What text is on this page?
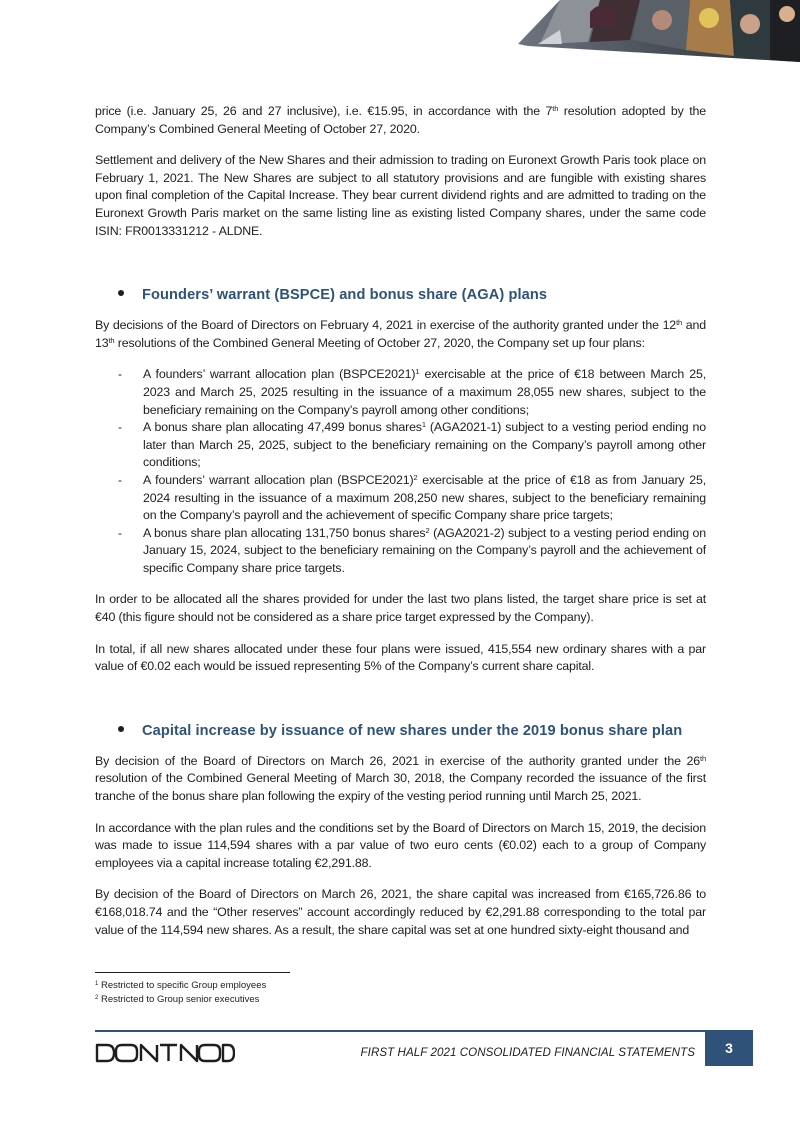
price (i.e. January 25, 26 and 27 inclusive), i.e. €15.95, in accordance with the 7th resolution adopted by the Company’s Combined General Meeting of October 27, 2020.

Settlement and delivery of the New Shares and their admission to trading on Euronext Growth Paris took place on February 1, 2021. The New Shares are subject to all statutory provisions and are fungible with existing shares upon final completion of the Capital Increase. They bear current dividend rights and are admitted to trading on the Euronext Growth Paris market on the same listing line as existing listed Company shares, under the same code ISIN: FR0013331212 - ALDNE.

Founders’ warrant (BSPCE) and bonus share (AGA) plans

By decisions of the Board of Directors on February 4, 2021 in exercise of the authority granted under the 12th and 13th resolutions of the Combined General Meeting of October 27, 2020, the Company set up four plans:

- A founders’ warrant allocation plan (BSPCE2021)$^1$ exercisable at the price of €18 between March 25, 2023 and March 25, 2025 resulting in the issuance of a maximum 28,055 new shares, subject to the beneficiary remaining on the Company’s payroll among other conditions;

- A bonus share plan allocating 47,499 bonus shares$^1$ (AGA2021-1) subject to a vesting period ending no later than March 25, 2025, subject to the beneficiary remaining on the Company’s payroll among other conditions;

- A founders’ warrant allocation plan (BSPCE2021)$^2$ exercisable at the price of €18 as from January 25, 2024 resulting in the issuance of a maximum 208,250 new shares, subject to the beneficiary remaining on the Company’s payroll and the achievement of specific Company share price targets;

- A bonus share plan allocating 131,750 bonus shares$^2$ (AGA2021-2) subject to a vesting period ending on January 15, 2024, subject to the beneficiary remaining on the Company’s payroll and the achievement of specific Company share price targets.

In order to be allocated all the shares provided for under the last two plans listed, the target share price is set at €40 (this figure should not be considered as a share price target expressed by the Company).

In total, if all new shares allocated under these four plans were issued, 415,554 new ordinary shares with a par value of €0.02 each would be issued representing 5% of the Company’s current share capital.

Capital increase by issuance of new shares under the 2019 bonus share plan

By decision of the Board of Directors on March 26, 2021 in exercise of the authority granted under the 26th resolution of the Combined General Meeting of March 30, 2018, the Company recorded the issuance of the first tranche of the bonus share plan following the expiry of the vesting period running until March 25, 2021.

In accordance with the plan rules and the conditions set by the Board of Directors on March 15, 2019, the decision was made to issue 114,594 shares with a par value of two euro cents (€0.02) each to a group of Company employees via a capital increase totaling €2,291.88.

By decision of the Board of Directors on March 26, 2021, the share capital was increased from €165,726.86 to €168,018.74 and the “Other reserves” account accordingly reduced by €2,291.88 corresponding to the total par value of the 114,594 new shares. As a result, the share capital was set at one hundred sixty-eight thousand and

$^1$ Restricted to specific Group employees
$^2$ Restricted to Group senior executives
FIRST HALF 2021 CONSOLIDATED FINANCIAL STATEMENTS	3
